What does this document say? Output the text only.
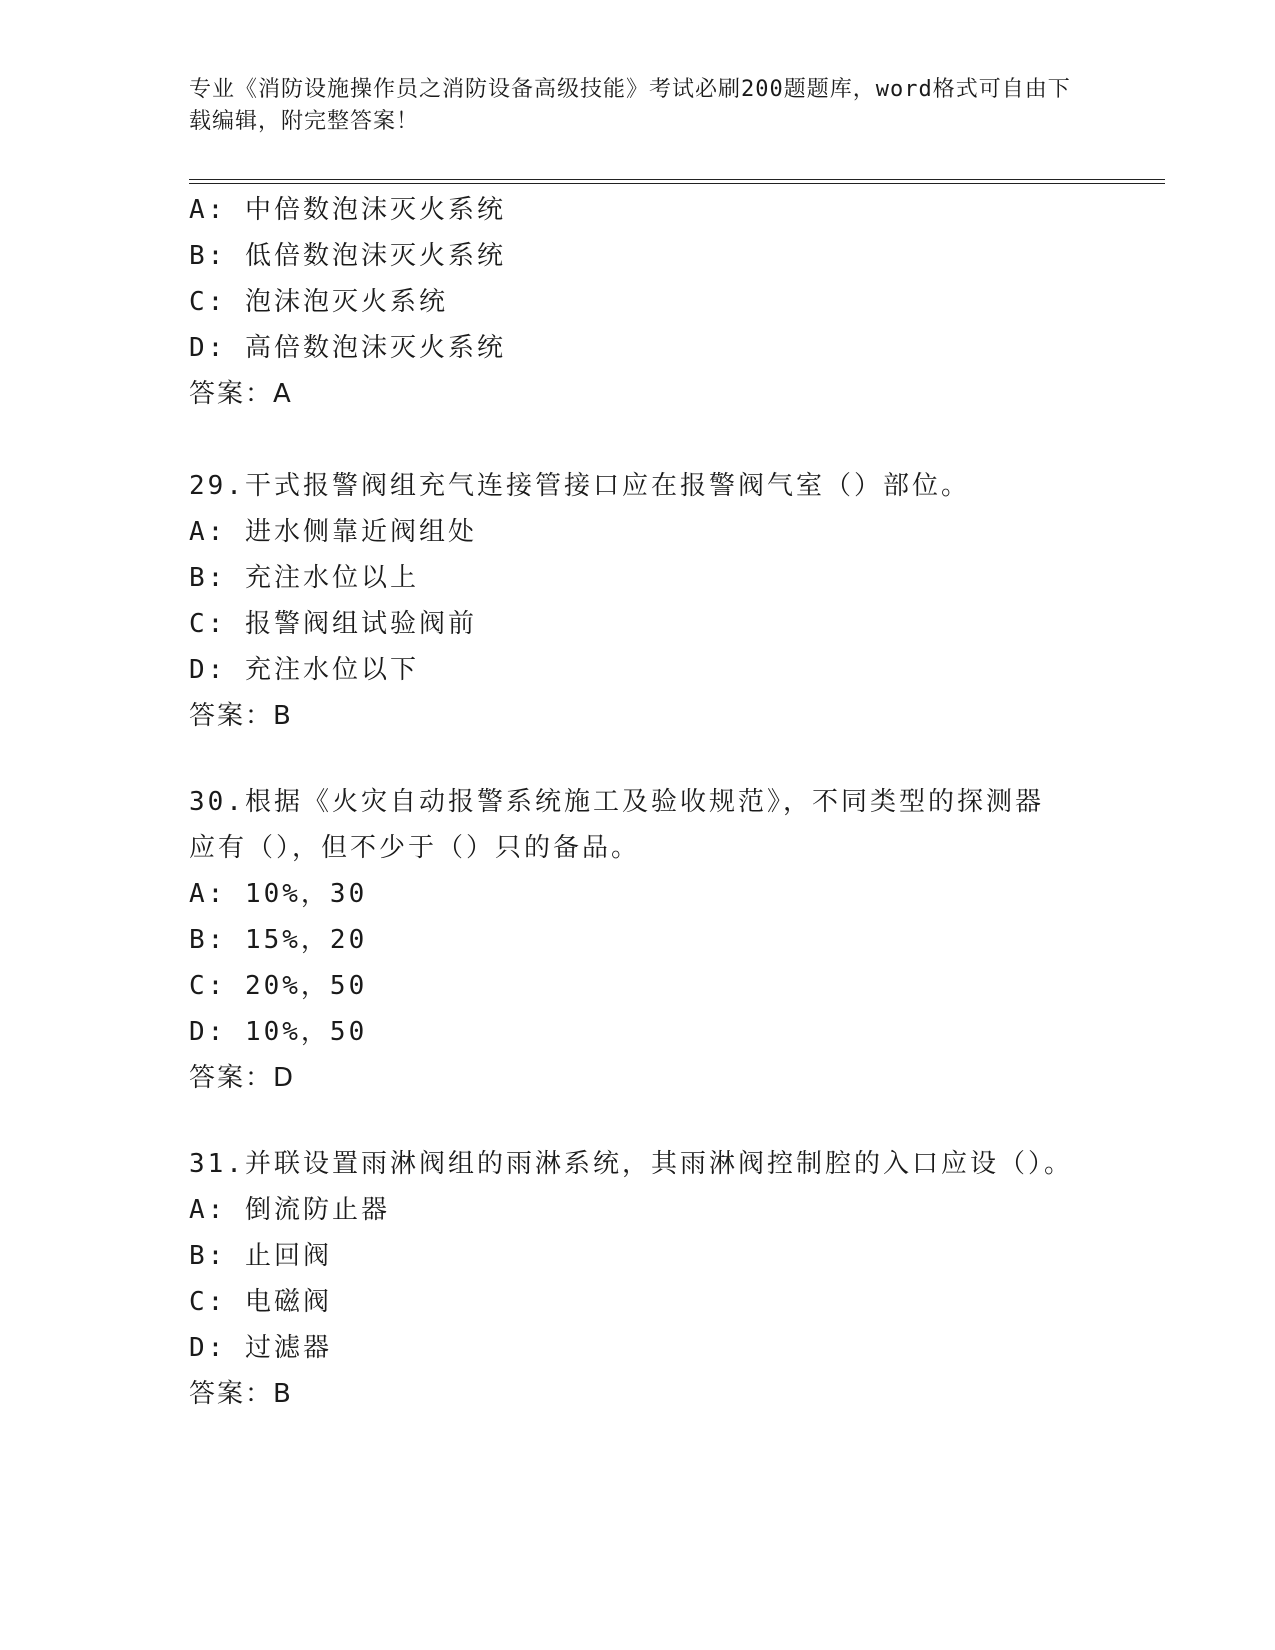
专业《消防设施操作员之消防设备高级技能》考试必刷200题题库，word格式可自由下载编辑，附完整答案！
A: 中倍数泡沫灭火系统
B: 低倍数泡沫灭火系统
C: 泡沫泡灭火系统
D: 高倍数泡沫灭火系统
答案：A
29.干式报警阀组充气连接管接口应在报警阀气室（）部位。
A: 进水侧靠近阀组处
B: 充注水位以上
C: 报警阀组试验阀前
D: 充注水位以下
答案：B
30.根据《火灾自动报警系统施工及验收规范》，不同类型的探测器应有（），但不少于（）只的备品。
A: 10%，30
B: 15%，20
C: 20%，50
D: 10%，50
答案：D
31.并联设置雨淋阀组的雨淋系统，其雨淋阀控制腔的入口应设（）。
A: 倒流防止器
B: 止回阀
C: 电磁阀
D: 过滤器
答案：B
